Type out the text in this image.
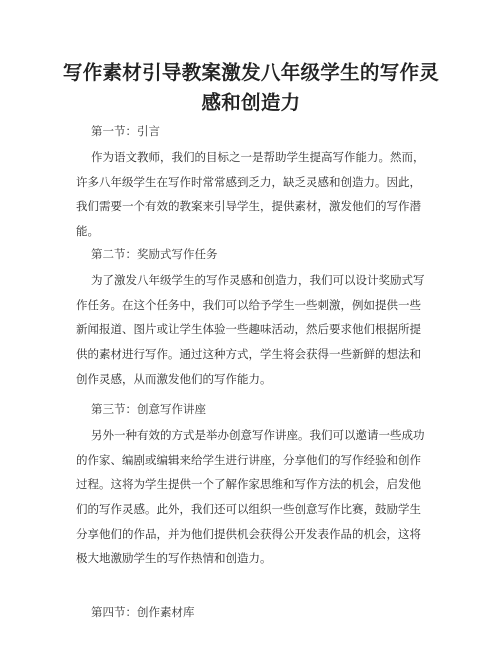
写作素材引导教案激发八年级学生的写作灵
感和创造力
第一节：引言
作为语文教师，我们的目标之一是帮助学生提高写作能力。然而，
许多八年级学生在写作时常常感到乏力，缺乏灵感和创造力。因此，
我们需要一个有效的教案来引导学生，提供素材，激发他们的写作潜
能。
第二节：奖励式写作任务
为了激发八年级学生的写作灵感和创造力，我们可以设计奖励式写
作任务。在这个任务中，我们可以给予学生一些刺激，例如提供一些
新闻报道、图片或让学生体验一些趣味活动，然后要求他们根据所提
供的素材进行写作。通过这种方式，学生将会获得一些新鲜的想法和
创作灵感，从而激发他们的写作能力。
第三节：创意写作讲座
另外一种有效的方式是举办创意写作讲座。我们可以邀请一些成功
的作家、编剧或编辑来给学生进行讲座，分享他们的写作经验和创作
过程。这将为学生提供一个了解作家思维和写作方法的机会，启发他
们的写作灵感。此外，我们还可以组织一些创意写作比赛，鼓励学生
分享他们的作品，并为他们提供机会获得公开发表作品的机会，这将
极大地激励学生的写作热情和创造力。
第四节：创作素材库
